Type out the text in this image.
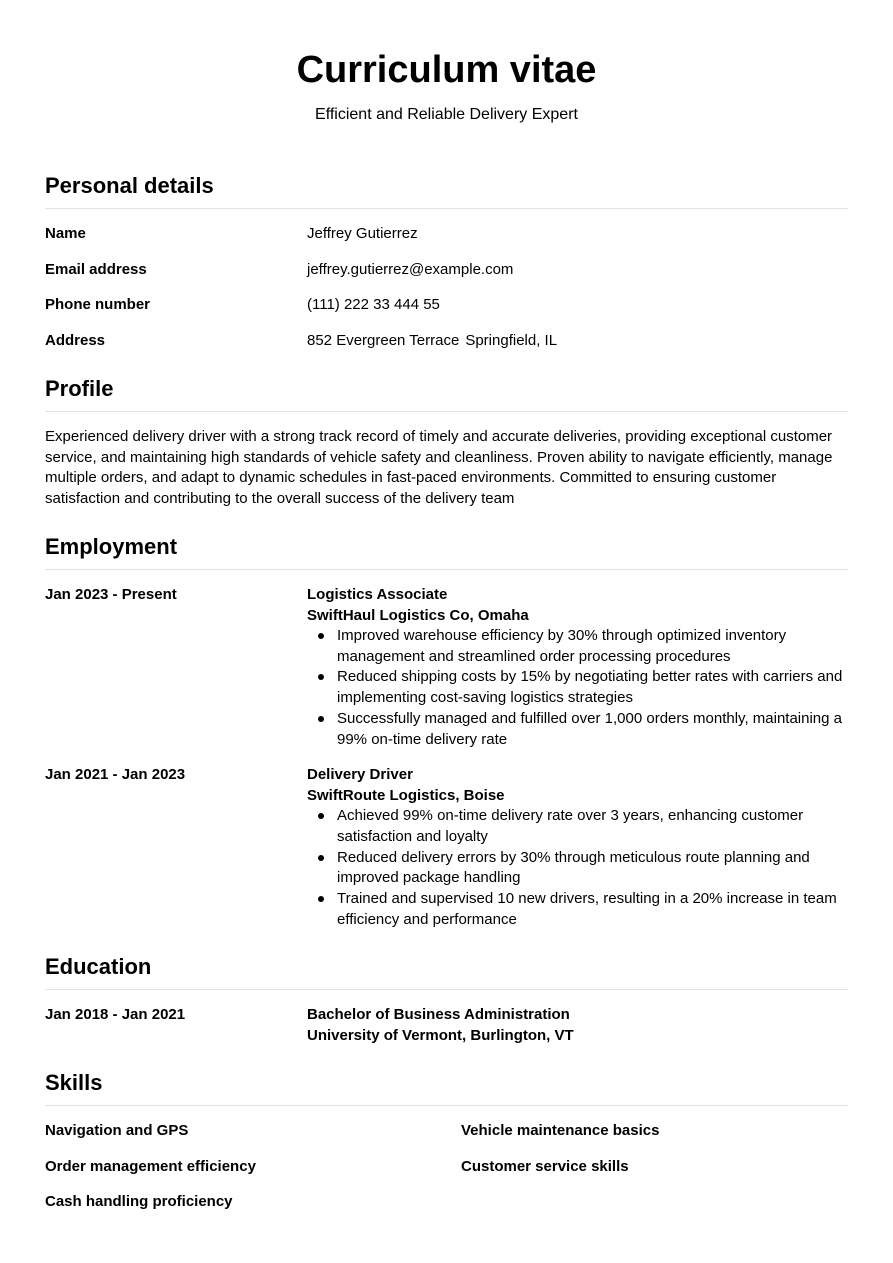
Curriculum vitae
Efficient and Reliable Delivery Expert
Personal details
Name	Jeffrey Gutierrez
Email address	jeffrey.gutierrez@example.com
Phone number	(111) 222 33 444 55
Address	852 Evergreen Terrace Springfield, IL
Profile
Experienced delivery driver with a strong track record of timely and accurate deliveries, providing exceptional customer service, and maintaining high standards of vehicle safety and cleanliness. Proven ability to navigate efficiently, manage multiple orders, and adapt to dynamic schedules in fast-paced environments. Committed to ensuring customer satisfaction and contributing to the overall success of the delivery team
Employment
Jan 2023 - Present	Logistics Associate
SwiftHaul Logistics Co, Omaha
Improved warehouse efficiency by 30% through optimized inventory management and streamlined order processing procedures
Reduced shipping costs by 15% by negotiating better rates with carriers and implementing cost-saving logistics strategies
Successfully managed and fulfilled over 1,000 orders monthly, maintaining a 99% on-time delivery rate
Jan 2021 - Jan 2023	Delivery Driver
SwiftRoute Logistics, Boise
Achieved 99% on-time delivery rate over 3 years, enhancing customer satisfaction and loyalty
Reduced delivery errors by 30% through meticulous route planning and improved package handling
Trained and supervised 10 new drivers, resulting in a 20% increase in team efficiency and performance
Education
Jan 2018 - Jan 2021	Bachelor of Business Administration
University of Vermont, Burlington, VT
Skills
Navigation and GPS	Vehicle maintenance basics
Order management efficiency	Customer service skills
Cash handling proficiency
